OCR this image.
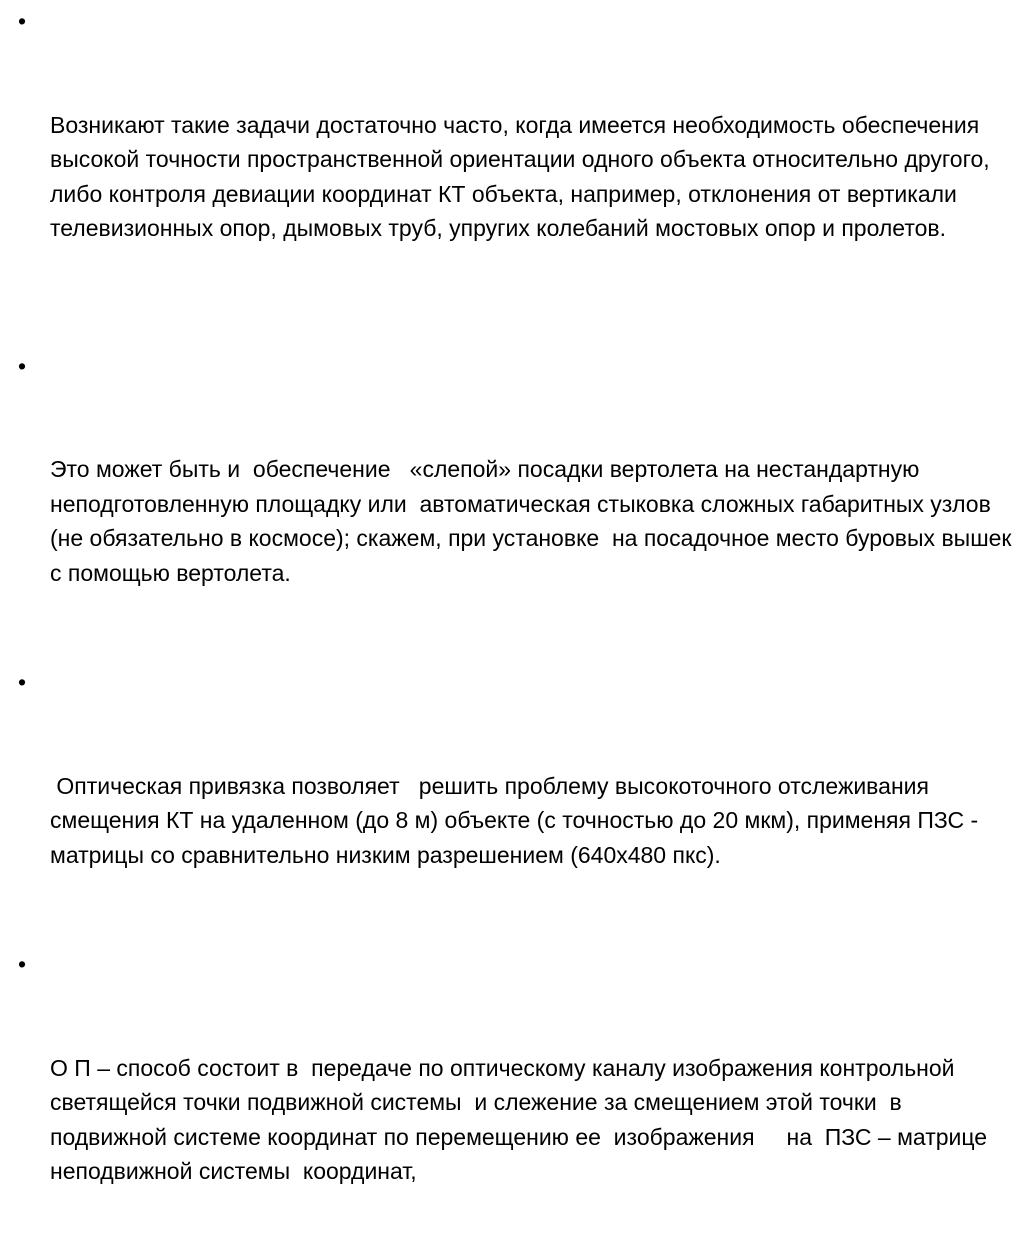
•

Возникают такие задачи достаточно часто, когда имеется необходимость обеспечения   высокой точности пространственной ориентации одного объекта относительно другого, либо контроля девиации координат КТ объекта, например, отклонения от вертикали телевизионных опор, дымовых труб, упругих колебаний мостовых опор и пролетов.

•

Это может быть и  обеспечение   «слепой» посадки вертолета на нестандартную неподготовленную площадку или  автоматическая стыковка сложных габаритных узлов (не обязательно в космосе); скажем, при установке  на посадочное место буровых вышек  с помощью вертолета.

•

Оптическая привязка позволяет   решить проблему высокоточного отслеживания смещения КТ на удаленном (до 8 м) объекте (с точностью до 20 мкм), применяя ПЗС - матрицы со сравнительно низким разрешением (640х480 пкс).

•

О П – способ состоит в  передаче по оптическому каналу изображения контрольной светящейся точки подвижной системы  и слежение за смещением этой точки  в подвижной системе координат по перемещению ее  изображения     на  ПЗС – матрице неподвижной системы  координат,
